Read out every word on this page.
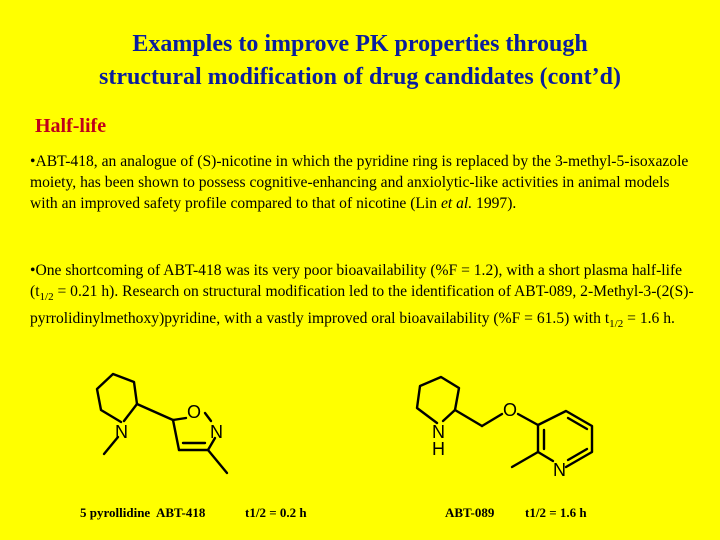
Examples to improve PK properties through
structural modification of drug candidates (cont’d)
Half-life
•ABT-418, an analogue of (S)-nicotine in which the pyridine ring is replaced by the 3-methyl-5-isoxazole moiety, has been shown to possess cognitive-enhancing and anxiolytic-like activities in animal models with an improved safety profile compared to that of nicotine (Lin et al. 1997).
•One shortcoming of ABT-418 was its very poor bioavailability (%F = 1.2), with a short plasma half-life ($t_{1/2} = 0.21$ h). Research on structural modification led to the identification of ABT-089, 2-Methyl-3-(2(S)-pyrrolidinylmethoxy)pyridine, with a vastly improved oral bioavailability (%F = 61.5) with $t_{1/2} = 1.6$ h.
N
O
N	N
H
O
N
5 pyrollidine  ABT-418	t1/2 = 0.2 h	ABT-089 t1/2 = 1.6 h
